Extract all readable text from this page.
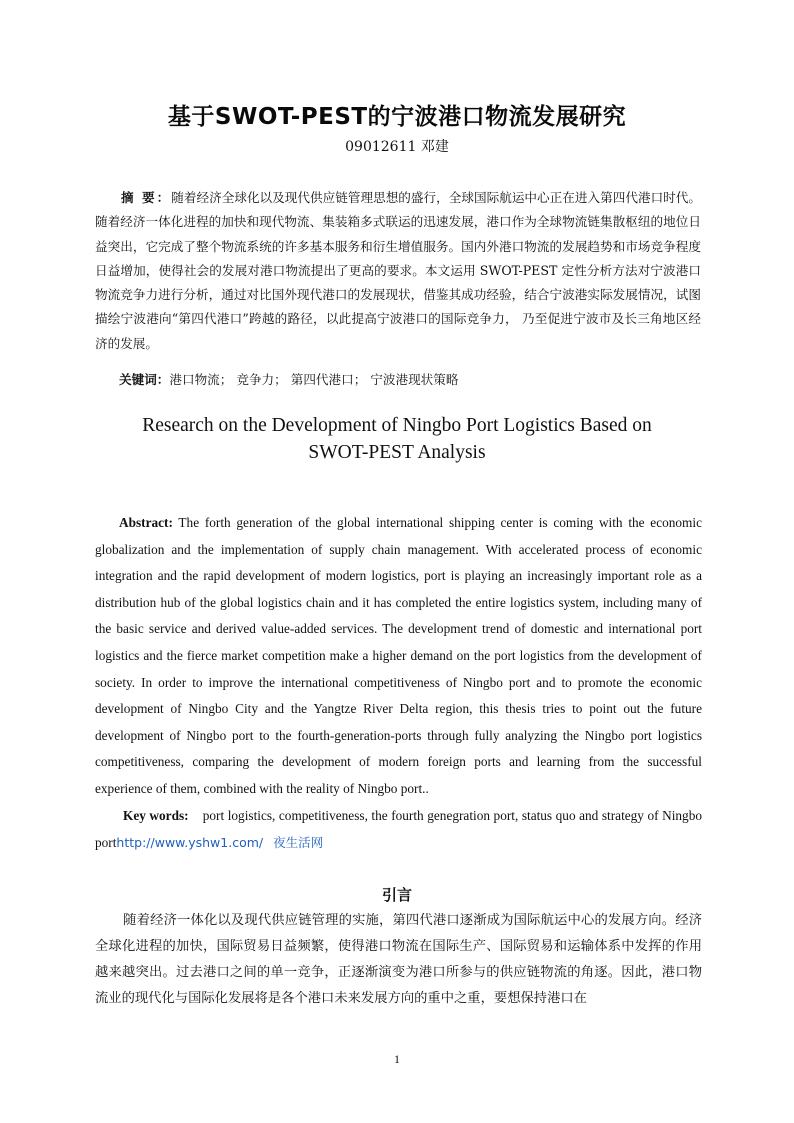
基于SWOT-PEST的宁波港口物流发展研究
09012611 邓建
摘 要：随着经济全球化以及现代供应链管理思想的盛行，全球国际航运中心正在进入第四代港口时代。随着经济一体化进程的加快和现代物流、集装箱多式联运的迅速发展，港口作为全球物流链集散枢纽的地位日益突出，它完成了整个物流系统的许多基本服务和衍生增值服务。国内外港口物流的发展趋势和市场竞争程度日益增加，使得社会的发展对港口物流提出了更高的要求。本文运用 SWOT-PEST 定性分析方法对宁波港口物流竞争力进行分析，通过对比国外现代港口的发展现状，借鉴其成功经验，结合宁波港实际发展情况，试图描绘宁波港向“第四代港口”跨越的路径，以此提高宁波港口的国际竞争力， 乃至促进宁波市及长三角地区经济的发展。
关键词：港口物流； 竞争力； 第四代港口； 宁波港现状策略
Research on the Development of Ningbo Port Logistics Based on
SWOT-PEST Analysis
Abstract: The forth generation of the global international shipping center is coming with the economic globalization and the implementation of supply chain management. With accelerated process of economic integration and the rapid development of modern logistics, port is playing an increasingly important role as a distribution hub of the global logistics chain and it has completed the entire logistics system, including many of the basic service and derived value-added services. The development trend of domestic and international port logistics and the fierce market competition make a higher demand on the port logistics from the development of society. In order to improve the international competitiveness of Ningbo port and to promote the economic development of Ningbo City and the Yangtze River Delta region, this thesis tries to point out the future development of Ningbo port to the fourth-generation-ports through fully analyzing the Ningbo port logistics competitiveness, comparing the development of modern foreign ports and learning from the successful experience of them, combined with the reality of Ningbo port..
Key words: port logistics, competitiveness, the fourth genegration port, status quo and strategy of Ningbo porthttp://www.yshw1.com/ 夜生活网
引言
随着经济一体化以及现代供应链管理的实施，第四代港口逐渐成为国际航运中心的发展方向。经济全球化进程的加快，国际贸易日益频繁，使得港口物流在国际生产、国际贸易和运输体系中发挥的作用越来越突出。过去港口之间的单一竞争，正逐渐演变为港口所参与的供应链物流的角逐。因此，港口物流业的现代化与国际化发展将是各个港口未来发展方向的重中之重，要想保持港口在
1
